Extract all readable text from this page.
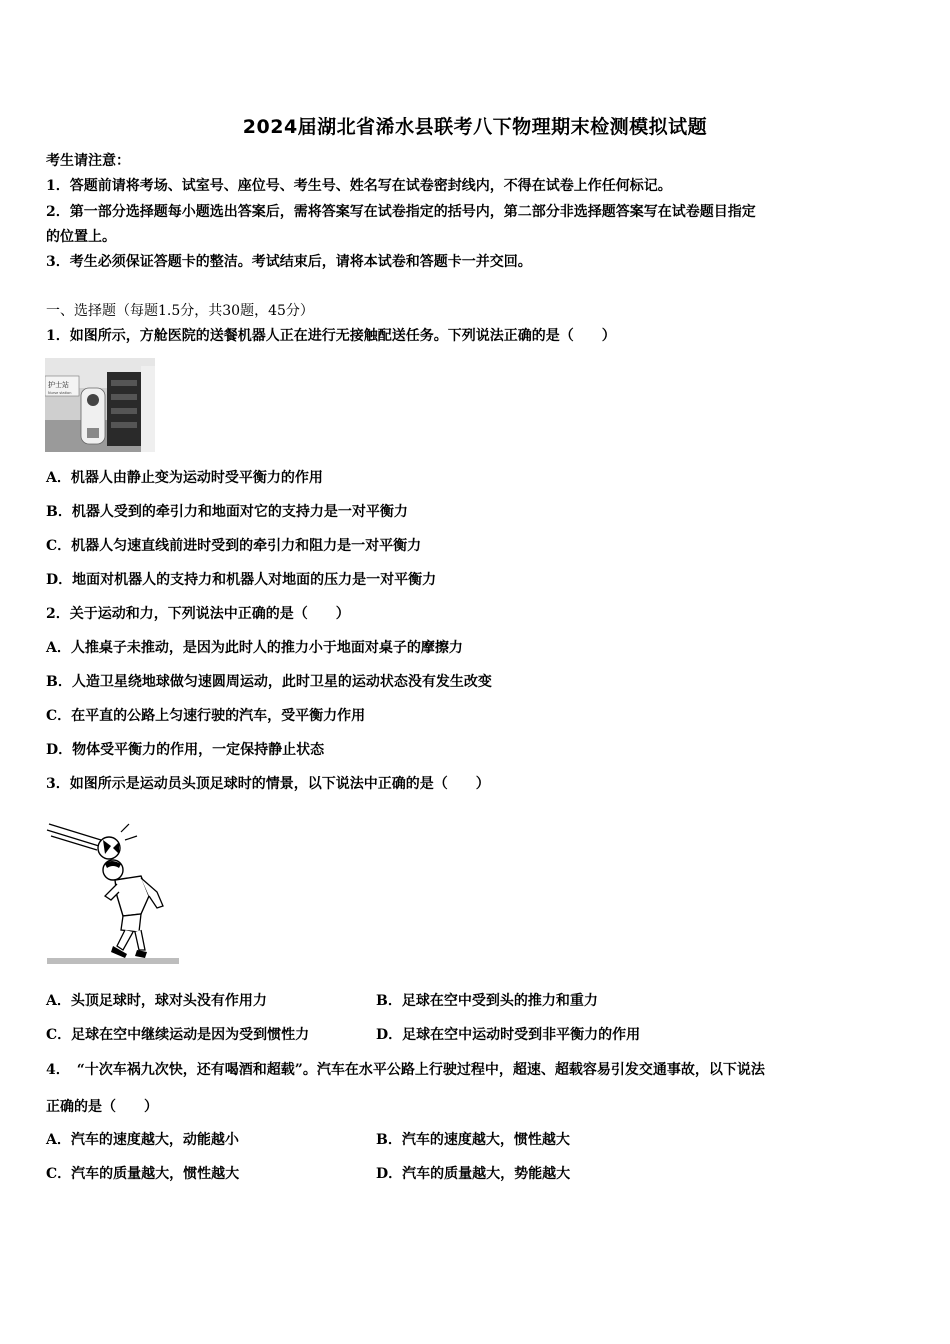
2024届湖北省浠水县联考八下物理期末检测模拟试题
考生请注意：
1．答题前请将考场、试室号、座位号、考生号、姓名写在试卷密封线内，不得在试卷上作任何标记。
2．第一部分选择题每小题选出答案后，需将答案写在试卷指定的括号内，第二部分非选择题答案写在试卷题目指定
的位置上。
3．考生必须保证答题卡的整洁。考试结束后，请将本试卷和答题卡一并交回。
一、选择题（每题1.5分，共30题，45分）
1．如图所示，方舱医院的送餐机器人正在进行无接触配送任务。下列说法正确的是（　　）
护士站
Nurse station
A．机器人由静止变为运动时受平衡力的作用
B．机器人受到的牵引力和地面对它的支持力是一对平衡力
C．机器人匀速直线前进时受到的牵引力和阻力是一对平衡力
D．地面对机器人的支持力和机器人对地面的压力是一对平衡力
2．关于运动和力，下列说法中正确的是（　　）
A．人推桌子未推动，是因为此时人的推力小于地面对桌子的摩擦力
B．人造卫星绕地球做匀速圆周运动，此时卫星的运动状态没有发生改变
C．在平直的公路上匀速行驶的汽车，受平衡力作用
D．物体受平衡力的作用，一定保持静止状态
3．如图所示是运动员头顶足球时的情景，以下说法中正确的是（　　）
A．头顶足球时，球对头没有作用力	B．足球在空中受到头的推力和重力
C．足球在空中继续运动是因为受到惯性力	D．足球在空中运动时受到非平衡力的作用
4．　“十次车祸九次快，还有喝酒和超载”。汽车在水平公路上行驶过程中，超速、超载容易引发交通事故，以下说法
正确的是（　　）
A．汽车的速度越大，动能越小	B．汽车的速度越大，惯性越大
C．汽车的质量越大，惯性越大	D．汽车的质量越大，势能越大
